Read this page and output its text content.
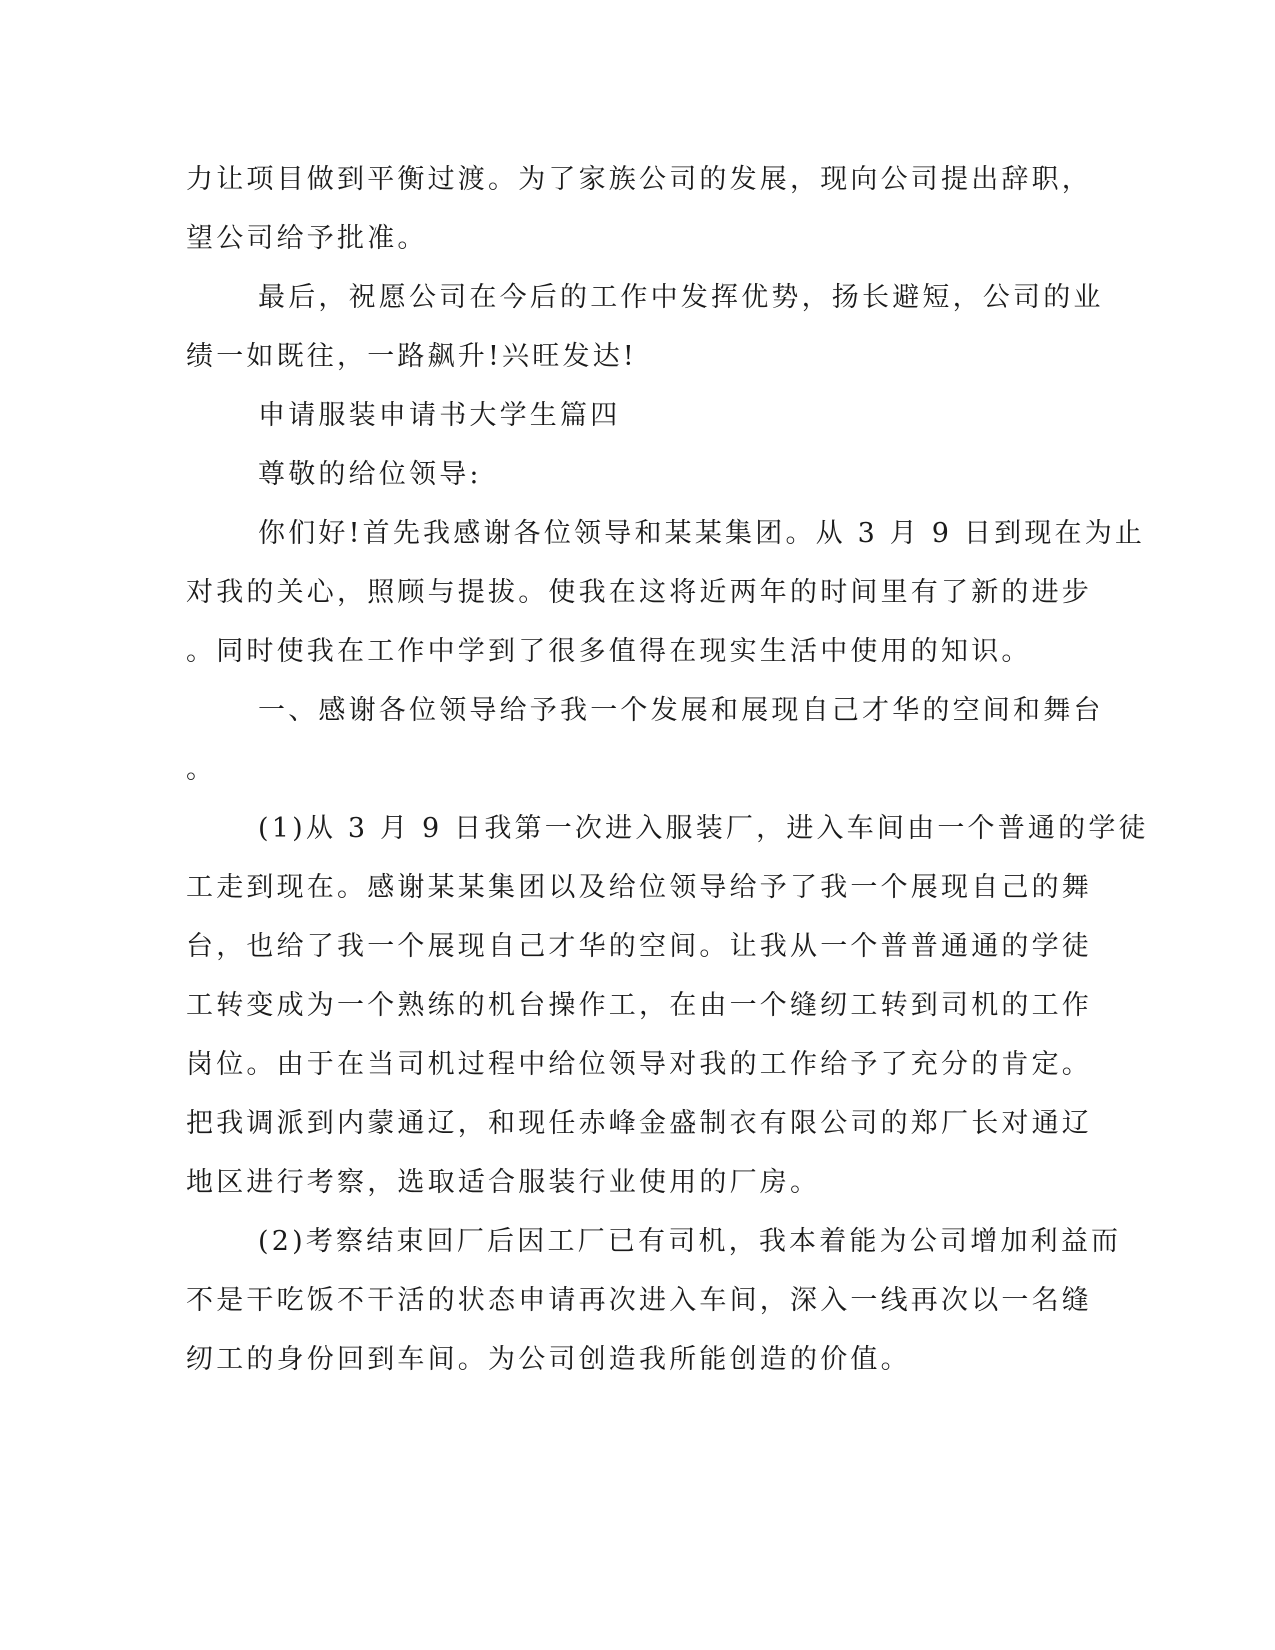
力让项目做到平衡过渡。为了家族公司的发展，现向公司提出辞职，
望公司给予批准。
最后，祝愿公司在今后的工作中发挥优势，扬长避短，公司的业
绩一如既往，一路飙升!兴旺发达!
申请服装申请书大学生篇四
尊敬的给位领导:
你们好!首先我感谢各位领导和某某集团。从 3 月 9 日到现在为止
对我的关心，照顾与提拔。使我在这将近两年的时间里有了新的进步
。同时使我在工作中学到了很多值得在现实生活中使用的知识。
一、感谢各位领导给予我一个发展和展现自己才华的空间和舞台
。
(1)从 3 月 9 日我第一次进入服装厂，进入车间由一个普通的学徒
工走到现在。感谢某某集团以及给位领导给予了我一个展现自己的舞
台，也给了我一个展现自己才华的空间。让我从一个普普通通的学徒
工转变成为一个熟练的机台操作工，在由一个缝纫工转到司机的工作
岗位。由于在当司机过程中给位领导对我的工作给予了充分的肯定。
把我调派到内蒙通辽，和现任赤峰金盛制衣有限公司的郑厂长对通辽
地区进行考察，选取适合服装行业使用的厂房。
(2)考察结束回厂后因工厂已有司机，我本着能为公司增加利益而
不是干吃饭不干活的状态申请再次进入车间，深入一线再次以一名缝
纫工的身份回到车间。为公司创造我所能创造的价值。
